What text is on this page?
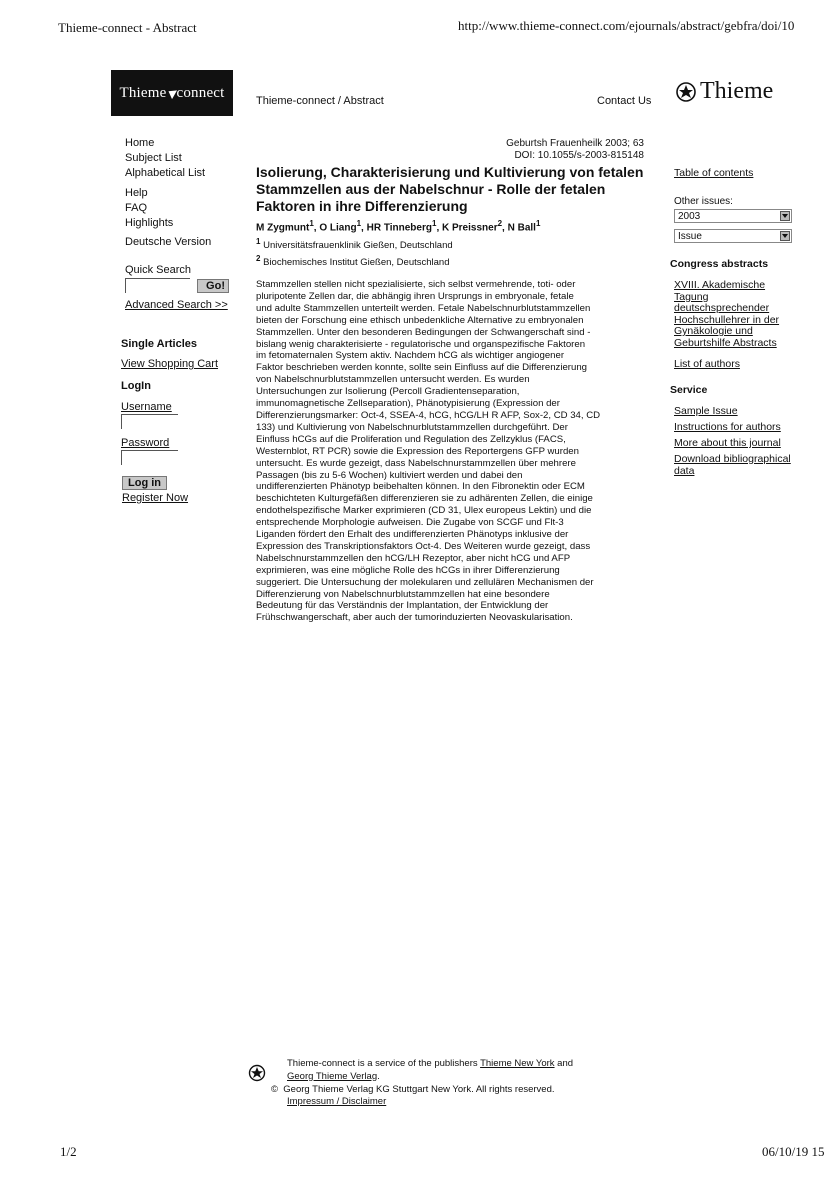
Thieme-connect - Abstract	http://www.thieme-connect.com/ejournals/abstract/gebfra/doi/10
1/2	06/10/19 15
Thieme connect
Thieme-connect / Abstract	Contact Us Thieme
Home
Subject List
Alphabetical List
Help
FAQ
Highlights
Deutsche Version
Quick Search
Go!
Advanced Search >>
Single Articles
View Shopping Cart
LogIn
Username
Password
Log in
Register Now
Geburtsh Frauenheilk 2003; 63
DOI: 10.1055/s-2003-815148
Isolierung, Charakterisierung und Kultivierung von fetalen Stammzellen aus der Nabelschnur - Rolle der fetalen Faktoren in ihre Differenzierung
M Zygmunt$^1$, O Liang$^1$, HR Tinneberg$^1$, K Preissner$^2$, N Ball$^1$
$^1$ Universitätsfrauenklinik Gießen, Deutschland
$^2$ Biochemisches Institut Gießen, Deutschland
Stammzellen stellen nicht spezialisierte, sich selbst vermehrende, toti- oder
pluripotente Zellen dar, die abhängig ihren Ursprungs in embryonale, fetale
und adulte Stammzellen unterteilt werden. Fetale Nabelschnurblutstammzellen
bieten der Forschung eine ethisch unbedenkliche Alternative zu embryonalen
Stammzellen. Unter den besonderen Bedingungen der Schwangerschaft sind -
bislang wenig charakterisierte - regulatorische und organspezifische Faktoren
im fetomaternalen System aktiv. Nachdem hCG als wichtiger angiogener
Faktor beschrieben werden konnte, sollte sein Einfluss auf die Differenzierung
von Nabelschnurblutstammzellen untersucht werden. Es wurden
Untersuchungen zur Isolierung (Percoll Gradientenseparation,
immunomagnetische Zellseparation), Phänotypisierung (Expression der
Differenzierungsmarker: Oct-4, SSEA-4, hCG, hCG/LH R AFP, Sox-2, CD 34, CD
133) und Kultivierung von Nabelschnurblutstammzellen durchgeführt. Der
Einfluss hCGs auf die Proliferation und Regulation des Zellzyklus (FACS,
Westernblot, RT PCR) sowie die Expression des Reportergens GFP wurden
untersucht. Es wurde gezeigt, dass Nabelschnurstammzellen über mehrere
Passagen (bis zu 5-6 Wochen) kultiviert werden und dabei den
undifferenzierten Phänotyp beibehalten können. In den Fibronektin oder ECM
beschichteten Kulturgefäßen differenzieren sie zu adhärenten Zellen, die einige
endothelspezifische Marker exprimieren (CD 31, Ulex europeus Lektin) und die
entsprechende Morphologie aufweisen. Die Zugabe von SCGF und Flt-3
Liganden fördert den Erhalt des undifferenzierten Phänotyps inklusive der
Expression des Transkriptionsfaktors Oct-4. Des Weiteren wurde gezeigt, dass
Nabelschnurstammzellen den hCG/LH Rezeptor, aber nicht hCG und AFP
exprimieren, was eine mögliche Rolle des hCGs in ihrer Differenzierung
suggeriert. Die Untersuchung der molekularen und zellulären Mechanismen der
Differenzierung von Nabelschnurblutstammzellen hat eine besondere
Bedeutung für das Verständnis der Implantation, der Entwicklung der
Frühschwangerschaft, aber auch der tumorinduzierten Neovaskularisation.
Table of contents
Other issues:
2003
Issue
Congress abstracts
XVIII. Akademische
Tagung
deutschsprechender
Hochschullehrer in der
Gynäkologie und
Geburtshilfe Abstracts
List of authors
Service
Sample Issue
Instructions for authors
More about this journal
Download bibliographical
data
Thieme-connect is a service of the publishers Thieme New York and
Georg Thieme Verlag.
Impressum / Disclaimer
© Georg Thieme Verlag KG Stuttgart New York. All rights reserved.
